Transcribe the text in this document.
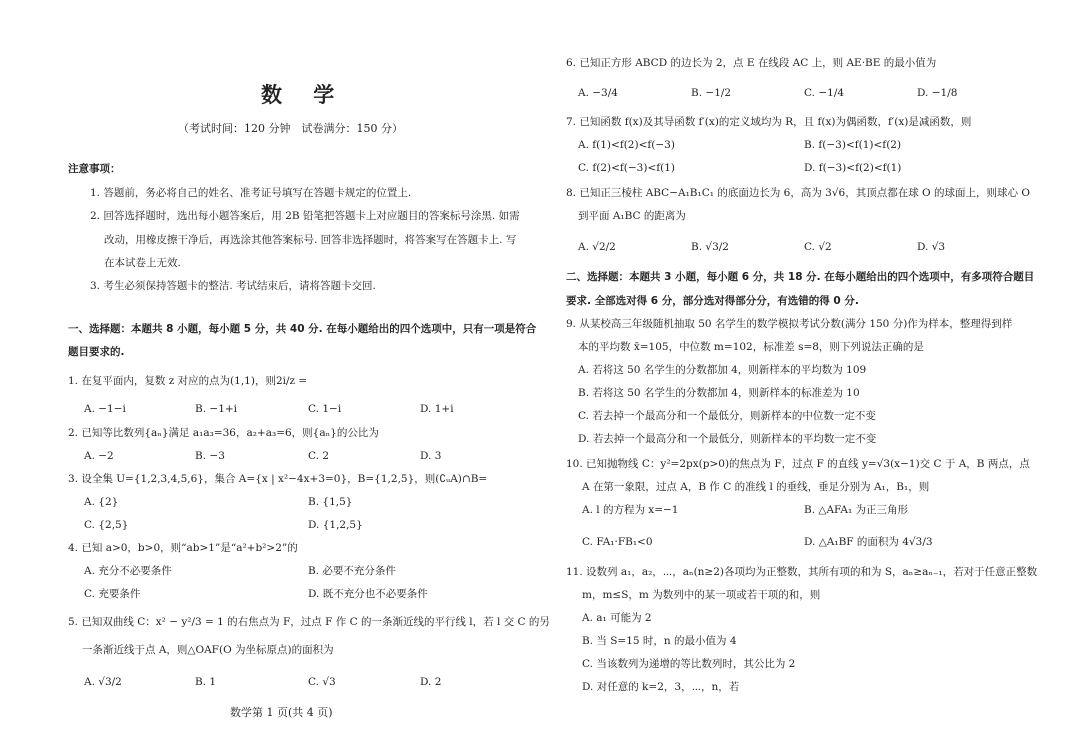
数 学
（考试时间：120 分钟　试卷满分：150 分）
注意事项：
1. 答题前，务必将自己的姓名、准考证号填写在答题卡规定的位置上.
2. 回答选择题时，选出每小题答案后，用 2B 铅笔把答题卡上对应题目的答案标号涂黑. 如需
改动，用橡皮擦干净后，再选涂其他答案标号. 回答非选择题时，将答案写在答题卡上. 写
在本试卷上无效.
3. 考生必须保持答题卡的整洁. 考试结束后，请将答题卡交回.
一、选择题：本题共 8 小题，每小题 5 分，共 40 分. 在每小题给出的四个选项中，只有一项是符合
题目要求的.
1. 在复平面内，复数 z 对应的点为(1,1)，则2i/z =
A. −1−i	B. −1+i	C. 1−i	D. 1+i
2. 已知等比数列{aₙ}满足 a₁a₃=36，a₂+a₃=6，则{aₙ}的公比为
A. −2	B. −3	C. 2	D. 3
3. 设全集 U={1,2,3,4,5,6}，集合 A={x | x²−4x+3=0}，B={1,2,5}，则(∁ᵤA)∩B=
A. {2}	B. {1,5}
C. {2,5}	D. {1,2,5}
4. 已知 a>0，b>0，则“ab>1”是“a²+b²>2”的
A. 充分不必要条件	B. 必要不充分条件
C. 充要条件	D. 既不充分也不必要条件
5. 已知双曲线 C：x² − y²/3 = 1 的右焦点为 F，过点 F 作 C 的一条渐近线的平行线 l，若 l 交 C 的另
一条渐近线于点 A，则△OAF(O 为坐标原点)的面积为
A. √3/2	B. 1	C. √3	D. 2
数学第 1 页(共 4 页)
6. 已知正方形 ABCD 的边长为 2，点 E 在线段 AC 上，则 AE·BE 的最小值为
A. −3/4	B. −1/2	C. −1/4	D. −1/8
7. 已知函数 f(x)及其导函数 f′(x)的定义域均为 R，且 f(x)为偶函数，f′(x)是减函数，则
A. f(1)<f(2)<f(−3)	B. f(−3)<f(1)<f(2)
C. f(2)<f(−3)<f(1)	D. f(−3)<f(2)<f(1)
8. 已知正三棱柱 ABC−A₁B₁C₁ 的底面边长为 6，高为 3√6，其顶点都在球 O 的球面上，则球心 O
到平面 A₁BC 的距离为
A. √2/2	B. √3/2	C. √2	D. √3
二、选择题：本题共 3 小题，每小题 6 分，共 18 分. 在每小题给出的四个选项中，有多项符合题目
要求. 全部选对得 6 分，部分选对得部分分，有选错的得 0 分.
9. 从某校高三年级随机抽取 50 名学生的数学模拟考试分数(满分 150 分)作为样本，整理得到样
本的平均数 x̄=105，中位数 m=102，标准差 s=8，则下列说法正确的是
A. 若将这 50 名学生的分数都加 4，则新样本的平均数为 109
B. 若将这 50 名学生的分数都加 4，则新样本的标准差为 10
C. 若去掉一个最高分和一个最低分，则新样本的中位数一定不变
D. 若去掉一个最高分和一个最低分，则新样本的平均数一定不变
10. 已知抛物线 C：y²=2px(p>0)的焦点为 F，过点 F 的直线 y=√3(x−1)交 C 于 A，B 两点，点
A 在第一象限，过点 A，B 作 C 的准线 l 的垂线，垂足分别为 A₁，B₁，则
A. l 的方程为 x=−1	B. △AFA₁ 为正三角形
C. FA₁·FB₁<0	D. △A₁BF 的面积为 4√3/3
11. 设数列 a₁，a₂，⋯，aₙ(n≥2)各项均为正整数，其所有项的和为 S，aₙ≥aₙ₋₁，若对于任意正整数
m，m≤S，m 为数列中的某一项或若干项的和，则
A. a₁ 可能为 2
B. 当 S=15 时，n 的最小值为 4
C. 当该数列为递增的等比数列时，其公比为 2
D. 对任意的 k=2，3，⋯，n，若
